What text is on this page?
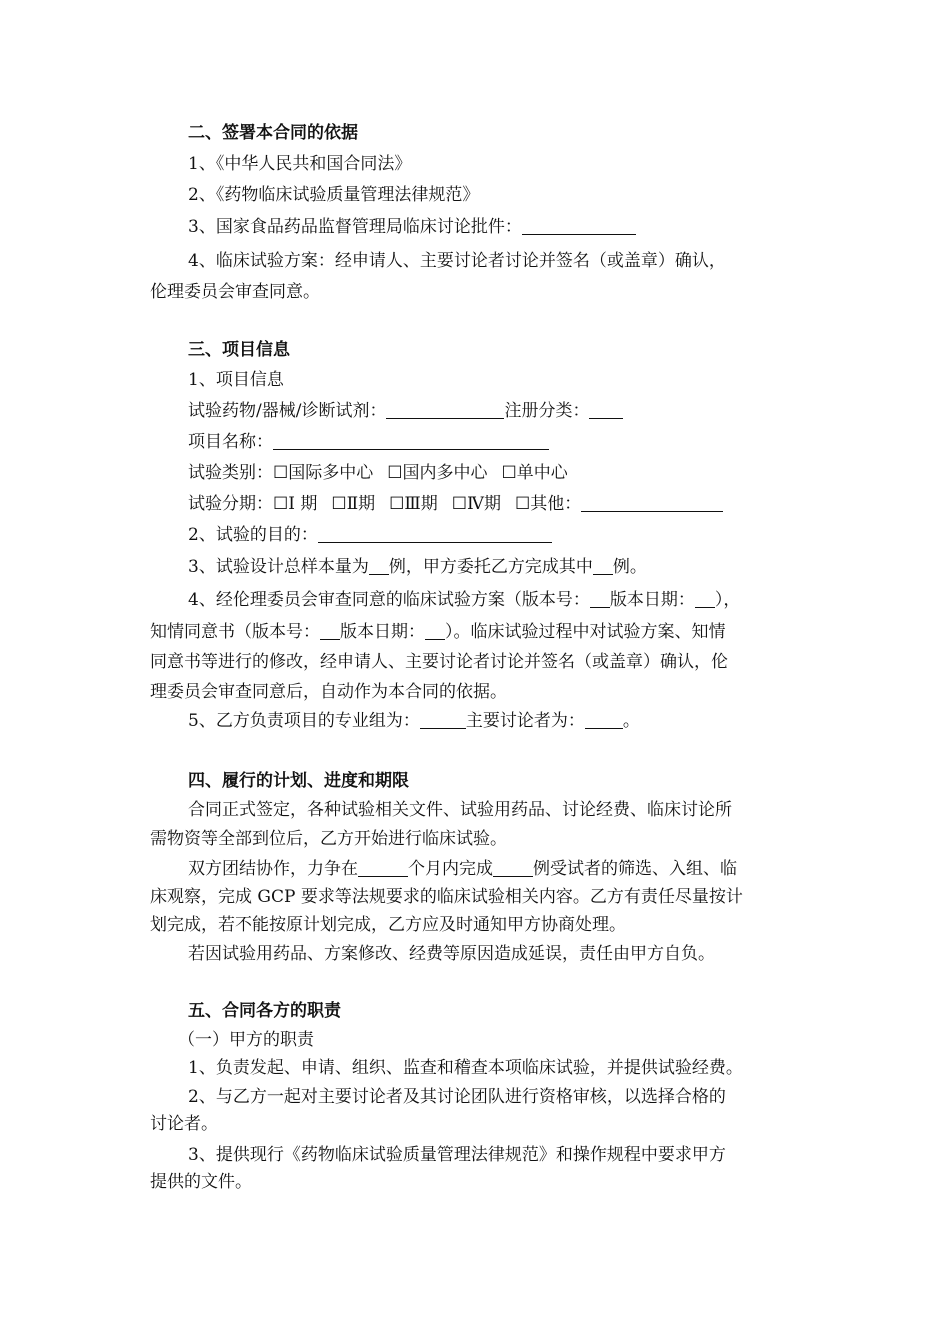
二、签署本合同的依据
1、《中华人民共和国合同法》
2、《药物临床试验质量管理法律规范》
3、国家食品药品监督管理局临床讨论批件：
4、临床试验方案：经申请人、主要讨论者讨论并签名（或盖章）确认，
伦理委员会审查同意。
三、项目信息
1、项目信息
试验药物/器械/诊断试剂：	注册分类：
项目名称：
试验类别：☐国际多中心 ☐国内多中心 ☐单中心
试验分期：☐I 期 ☐Ⅱ期 ☐Ⅲ期 ☐Ⅳ期 ☐其他：
2、试验的目的：
3、试验设计总样本量为 例，甲方委托乙方完成其中 例。
4、经伦理委员会审查同意的临床试验方案（版本号： 版本日期： ），
知情同意书（版本号： 版本日期： ）。临床试验过程中对试验方案、知情
同意书等进行的修改，经申请人、主要讨论者讨论并签名（或盖章）确认，伦
理委员会审查同意后，自动作为本合同的依据。
5、乙方负责项目的专业组为：	主要讨论者为： 。
四、履行的计划、进度和期限
合同正式签定，各种试验相关文件、试验用药品、讨论经费、临床讨论所
需物资等全部到位后，乙方开始进行临床试验。
双方团结协作，力争在	个月内完成 例受试者的筛选、入组、临
床观察，完成 GCP 要求等法规要求的临床试验相关内容。乙方有责任尽量按计
划完成，若不能按原计划完成，乙方应及时通知甲方协商处理。
若因试验用药品、方案修改、经费等原因造成延误，责任由甲方自负。
五、合同各方的职责
（一）甲方的职责
1、负责发起、申请、组织、监查和稽查本项临床试验，并提供试验经费。
2、与乙方一起对主要讨论者及其讨论团队进行资格审核，以选择合格的
讨论者。
3、提供现行《药物临床试验质量管理法律规范》和操作规程中要求甲方
提供的文件。
